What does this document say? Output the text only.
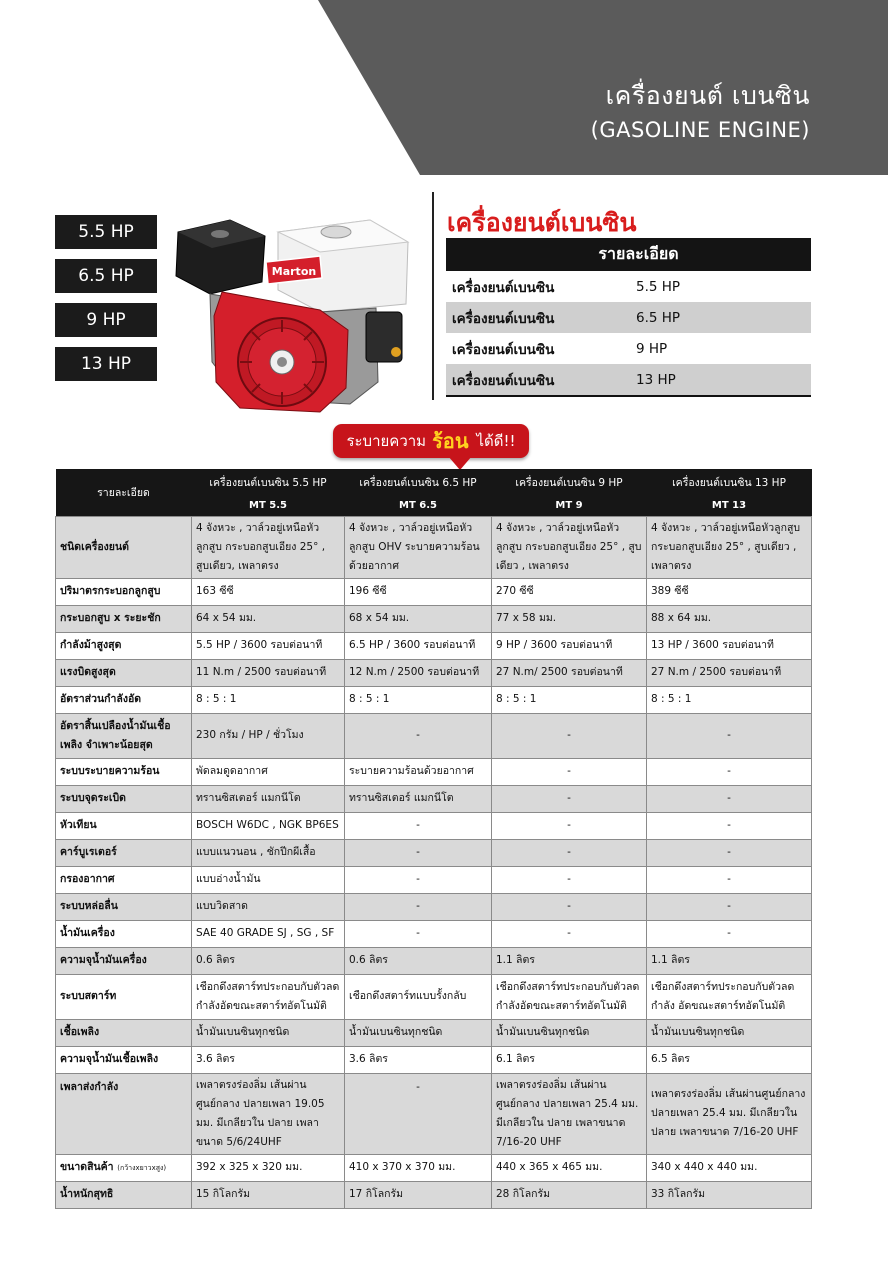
เครื่องยนต์ เบนซิน
(GASOLINE ENGINE)
5.5 HP
6.5 HP
9 HP
13 HP
Marton
เครื่องยนต์เบนซิน
รายละเอียด
เครื่องยนต์เบนซิน	5.5 HP
เครื่องยนต์เบนซิน	6.5 HP
เครื่องยนต์เบนซิน	9 HP
เครื่องยนต์เบนซิน	13 HP
ระบายความ ร้อน ได้ดี!!
รายละเอียด	เครื่องยนต์เบนซิน 5.5 HP	เครื่องยนต์เบนซิน 6.5 HP	เครื่องยนต์เบนซิน 9 HP	เครื่องยนต์เบนซิน 13 HP
	MT 5.5	MT 6.5	MT 9	MT 13
ชนิดเครื่องยนต์	4 จังหวะ , วาล์วอยู่เหนือหัวลูกสูบ กระบอกสูบเอียง 25° , สูบเดียว, เพลาตรง	4 จังหวะ , วาล์วอยู่เหนือหัวลูกสูบ OHV ระบายความร้อนด้วยอากาศ	4 จังหวะ , วาล์วอยู่เหนือหัวลูกสูบ กระบอกสูบเอียง 25° , สูบเดียว , เพลาตรง	4 จังหวะ , วาล์วอยู่เหนือหัวลูกสูบ กระบอกสูบเอียง 25° , สูบเดียว , เพลาตรง
ปริมาตรกระบอกลูกสูบ	163 ซีซี	196 ซีซี	270 ซีซี	389 ซีซี
กระบอกสูบ x ระยะชัก	64 x 54 มม.	68 x 54 มม.	77 x 58 มม.	88 x 64 มม.
กำลังม้าสูงสุด	5.5 HP / 3600 รอบต่อนาที	6.5 HP / 3600 รอบต่อนาที	9 HP / 3600 รอบต่อนาที	13 HP / 3600 รอบต่อนาที
แรงบิดสูงสุด	11 N.m / 2500 รอบต่อนาที	12 N.m / 2500 รอบต่อนาที	27 N.m/ 2500 รอบต่อนาที	27 N.m / 2500 รอบต่อนาที
อัตราส่วนกำลังอัด	8 : 5 : 1	8 : 5 : 1	8 : 5 : 1	8 : 5 : 1
อัตราสิ้นเปลืองน้ำมันเชื้อเพลิง จำเพาะน้อยสุด	230 กรัม / HP / ชั่วโมง	-	-	-
ระบบระบายความร้อน	พัดลมดูดอากาศ	ระบายความร้อนด้วยอากาศ	-	-
ระบบจุดระเบิด	ทรานซิสเตอร์ แมกนีโต	ทรานซิสเตอร์ แมกนีโต	-	-
หัวเทียน	BOSCH W6DC , NGK BP6ES	-	-	-
คาร์บูเรเตอร์	แบบแนวนอน , ชักปีกผีเสื้อ	-	-	-
กรองอากาศ	แบบอ่างน้ำมัน	-	-	-
ระบบหล่อลื่น	แบบวิดสาด	-	-	-
น้ำมันเครื่อง	SAE 40 GRADE SJ , SG , SF	-	-	-
ความจุน้ำมันเครื่อง	0.6 ลิตร	0.6 ลิตร	1.1 ลิตร	1.1 ลิตร
ระบบสตาร์ท	เชือกดึงสตาร์ทประกอบกับตัวลด กำลังอัดขณะสตาร์ทอัตโนมัติ	เชือกดึงสตาร์ทแบบรั้งกลับ	เชือกดึงสตาร์ทประกอบกับตัวลด กำลังอัดขณะสตาร์ทอัตโนมัติ	เชือกดึงสตาร์ทประกอบกับตัวลดกำลัง อัดขณะสตาร์ทอัตโนมัติ
เชื้อเพลิง	น้ำมันเบนซินทุกชนิด	น้ำมันเบนซินทุกชนิด	น้ำมันเบนซินทุกชนิด	น้ำมันเบนซินทุกชนิด
ความจุน้ำมันเชื้อเพลิง	3.6 ลิตร	3.6 ลิตร	6.1 ลิตร	6.5 ลิตร
เพลาส่งกำลัง	เพลาตรงร่องลิ่ม เส้นผ่านศูนย์กลาง ปลายเพลา 19.05 มม. มีเกลียวใน ปลาย เพลาขนาด 5/6/24UHF	-	เพลาตรงร่องลิ่ม เส้นผ่านศูนย์กลาง ปลายเพลา 25.4 มม. มีเกลียวใน ปลาย เพลาขนาด 7/16-20 UHF	เพลาตรงร่องลิ่ม เส้นผ่านศูนย์กลาง ปลายเพลา 25.4 มม. มีเกลียวในปลาย เพลาขนาด 7/16-20 UHF
ขนาดสินค้า (กว้างxยาวxสูง)	392 x 325 x 320 มม.	410 x 370 x 370 มม.	440 x 365 x 465 มม.	340 x 440 x 440 มม.
น้ำหนักสุทธิ	15 กิโลกรัม	17 กิโลกรัม	28 กิโลกรัม	33 กิโลกรัม
